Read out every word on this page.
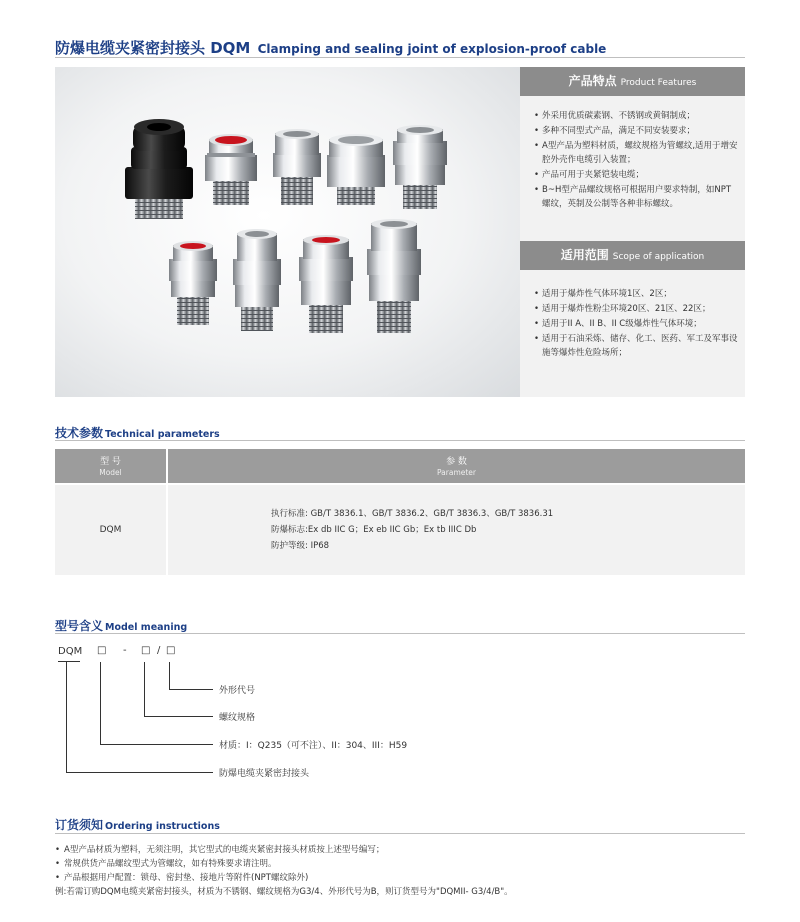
防爆电缆夹紧密封接头 DQM Clamping and sealing joint of explosion-proof cable
产品特点 Product Features
• 外采用优质碳素钢、不锈钢或黄铜制成；
• 多种不同型式产品，满足不同安装要求；
• A型产品为塑料材质，螺纹规格为管螺纹,适用于增安腔外壳作电缆引入装置；
• 产品可用于夹紧铠装电缆；
• B~H型产品螺纹规格可根据用户要求特制，如NPT螺纹，英制及公制等各种非标螺纹。
适用范围 Scope of application
• 适用于爆炸性气体环境1区、2区；
• 适用于爆炸性粉尘环境20区、21区、22区；
• 适用于II A、II B、II C级爆炸性气体环境；
• 适用于石油采炼、储存、化工、医药、军工及军事设施等爆炸性危险场所；
技术参数 Technical parameters
型 号
Model
参 数
Parameter
DQM
执行标准: GB/T 3836.1、GB/T 3836.2、GB/T 3836.3、GB/T 3836.31
防爆标志:Ex db IIC G；Ex eb IIC Gb；Ex tb IIIC Db
防护等级: IP68
型号含义 Model meaning
DQM □ - □ / □
外形代号
螺纹规格
材质：I：Q235（可不注）、II：304、III：H59
防爆电缆夹紧密封接头
订货须知 Ordering instructions
• A型产品材质为塑料，无须注明，其它型式的电缆夹紧密封接头材质按上述型号编写；
• 常规供货产品螺纹型式为管螺纹，如有特殊要求请注明。
• 产品根据用户配置：锁母、密封垫、接地片等附件(NPT螺纹除外)
例:若需订购DQM电缆夹紧密封接头，材质为不锈钢、螺纹规格为G3/4、外形代号为B，则订货型号为"DQMII- G3/4/B"。
